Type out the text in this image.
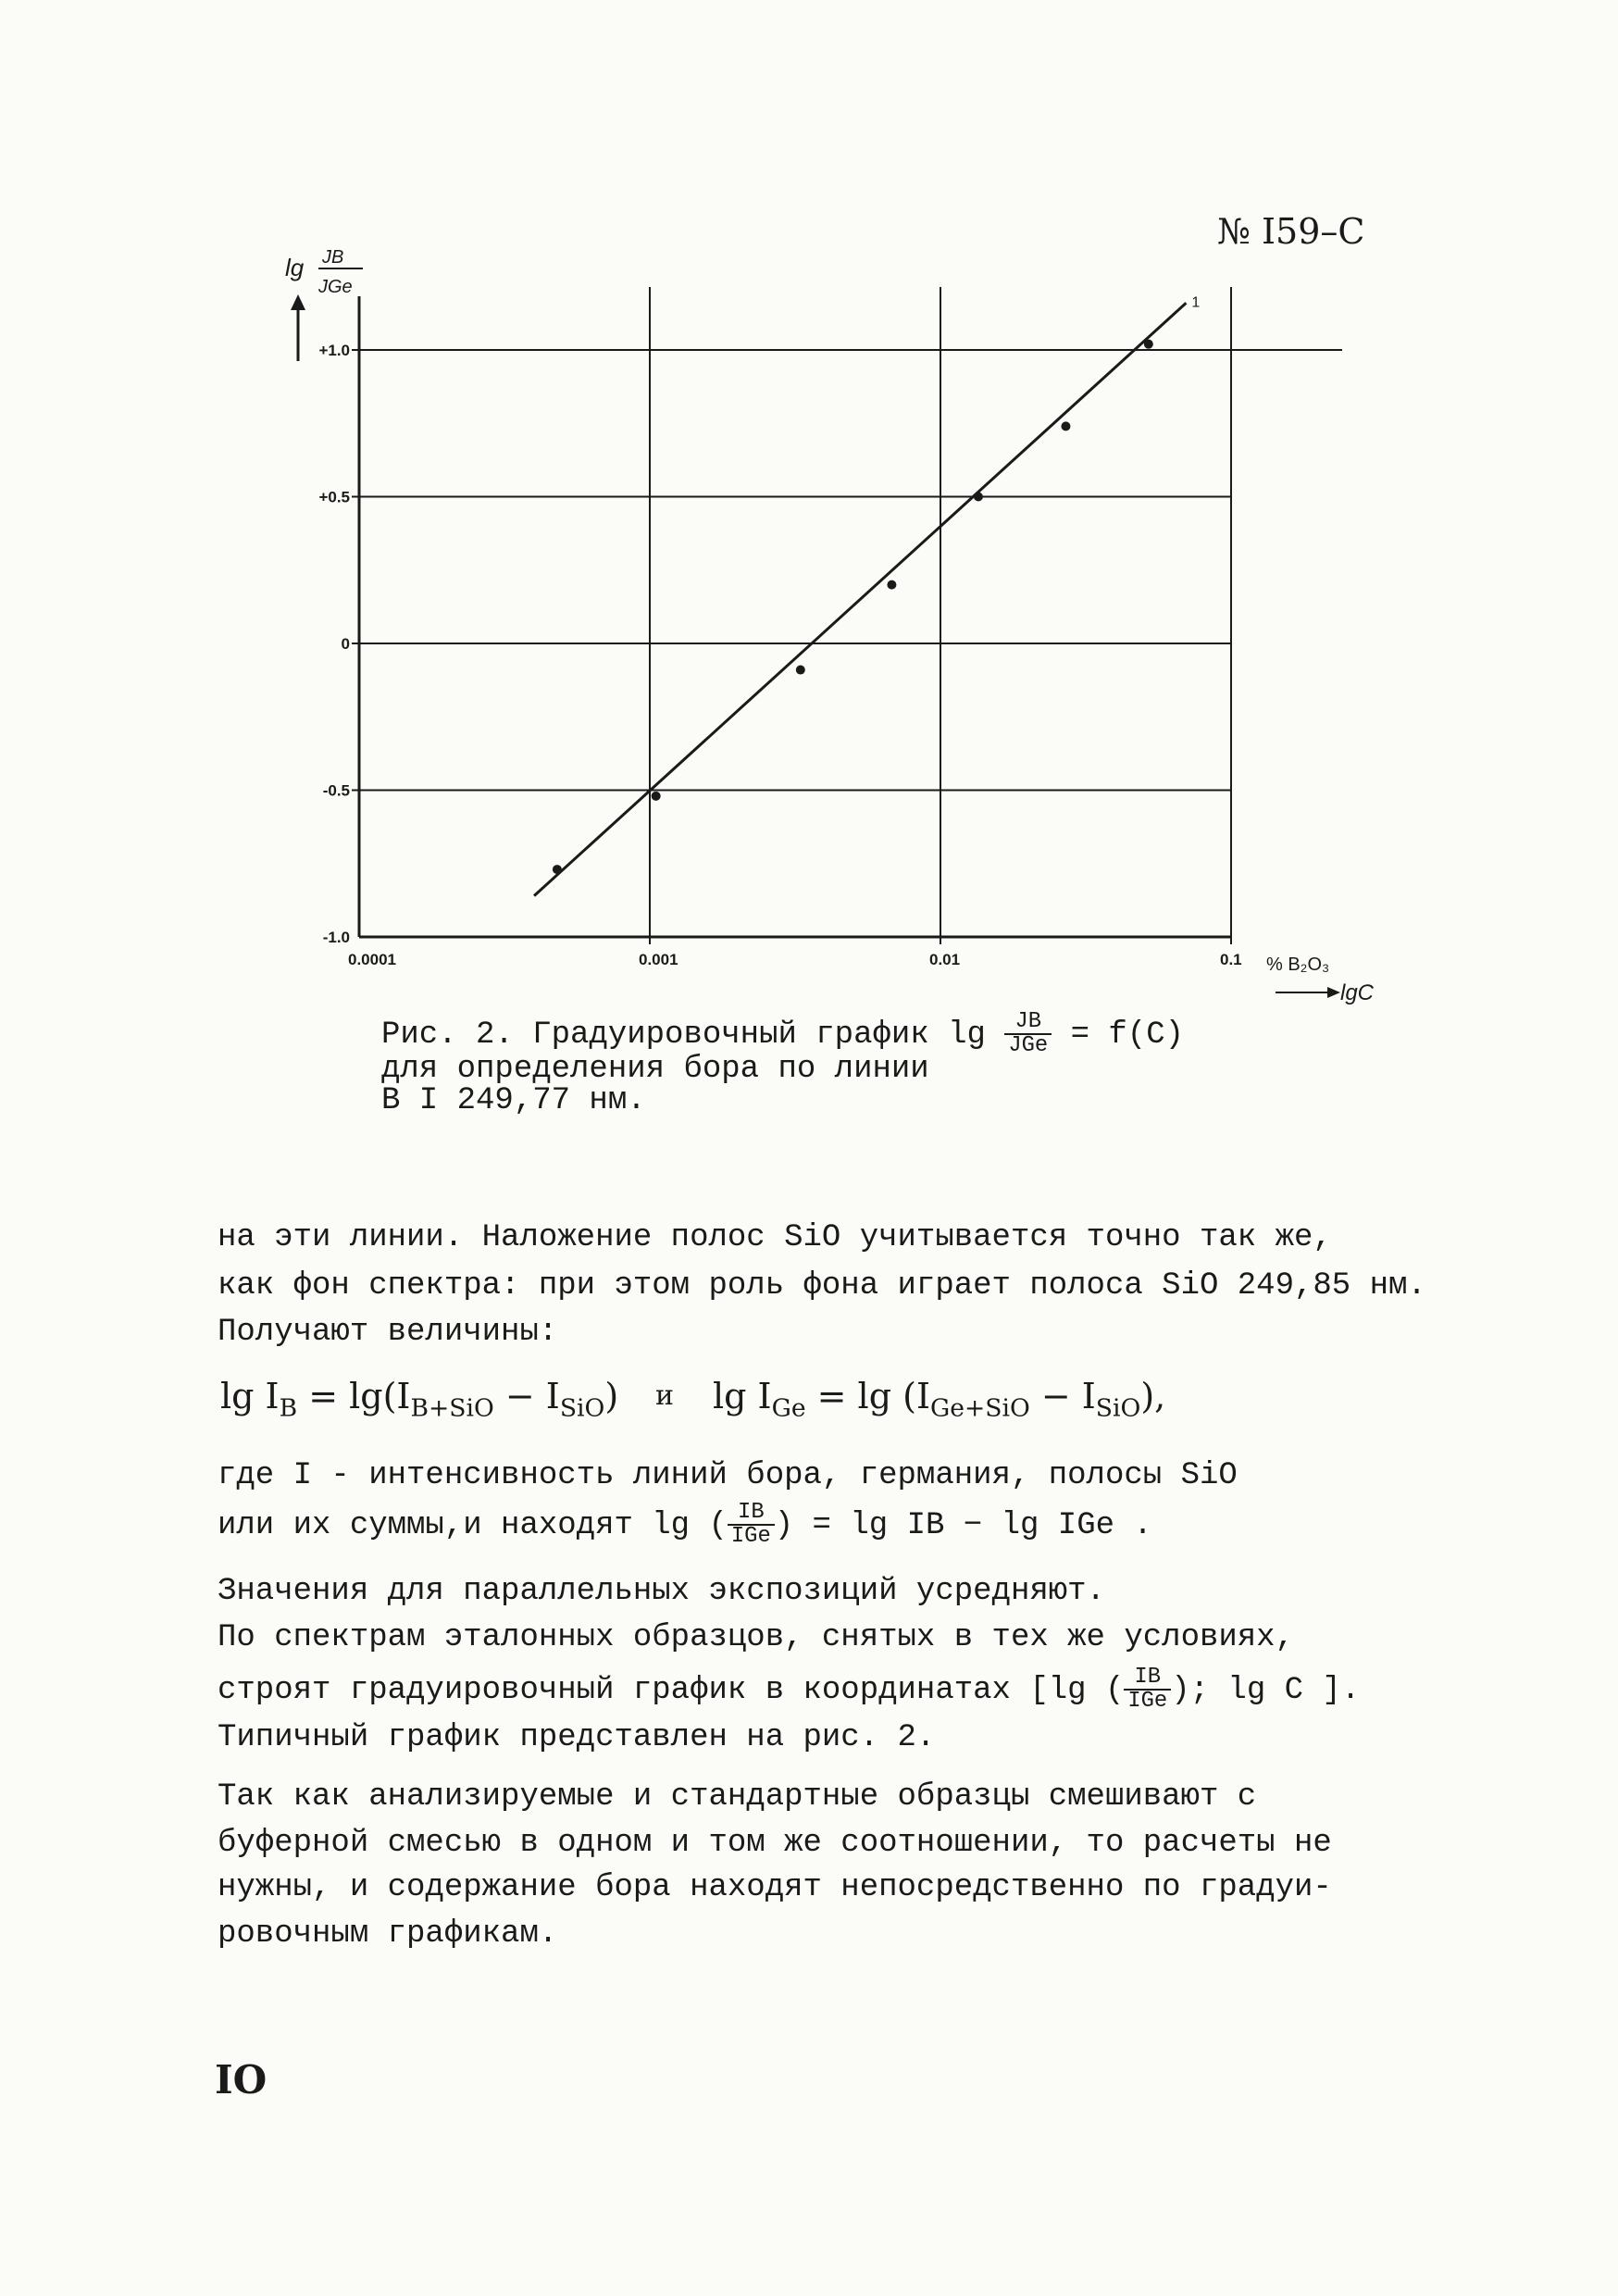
№ I59–C
0.0001	0.001	0.01	0.1
+1.0
+0.5
0
-0.5
-1.0
1
lg JB
JGe
% B₂O₃
lgC
Рис. 2. Градуировочный график $\lg \frac{JB}{\text{JGe}} = f(C)$
для определения бора по линии
B I 249,77 нм.
на эти линии. Наложение полос SiO учитывается точно так же,
как фон спектра: при этом роль фона играет полоса SiO 249,85 нм.
Получают величины:
$\lg I_B = \lg(I_{B+SiO} - I_{SiO})$ и $\lg I_{Ge} = \lg (I_{Ge+SiO} - I_{SiO})$,
где I - интенсивность линий бора, германия, полосы SiO
или их суммы,и находят lg ( $\frac{IB}{\text{IGe}}$ ) = lg IB − lg IGe .
Значения для параллельных экспозиций усредняют.
По спектрам эталонных образцов, снятых в тех же условиях,
строят градуировочный график в координатах [lg ( $\frac{IB}{\text{IGe}}$ ); lg C ].
Типичный график представлен на рис. 2.
Так как анализируемые и стандартные образцы смешивают с
буферной смесью в одном и том же соотношении, то расчеты не
нужны, и содержание бора находят непосредственно по градуи-
ровочным графикам.
IO
